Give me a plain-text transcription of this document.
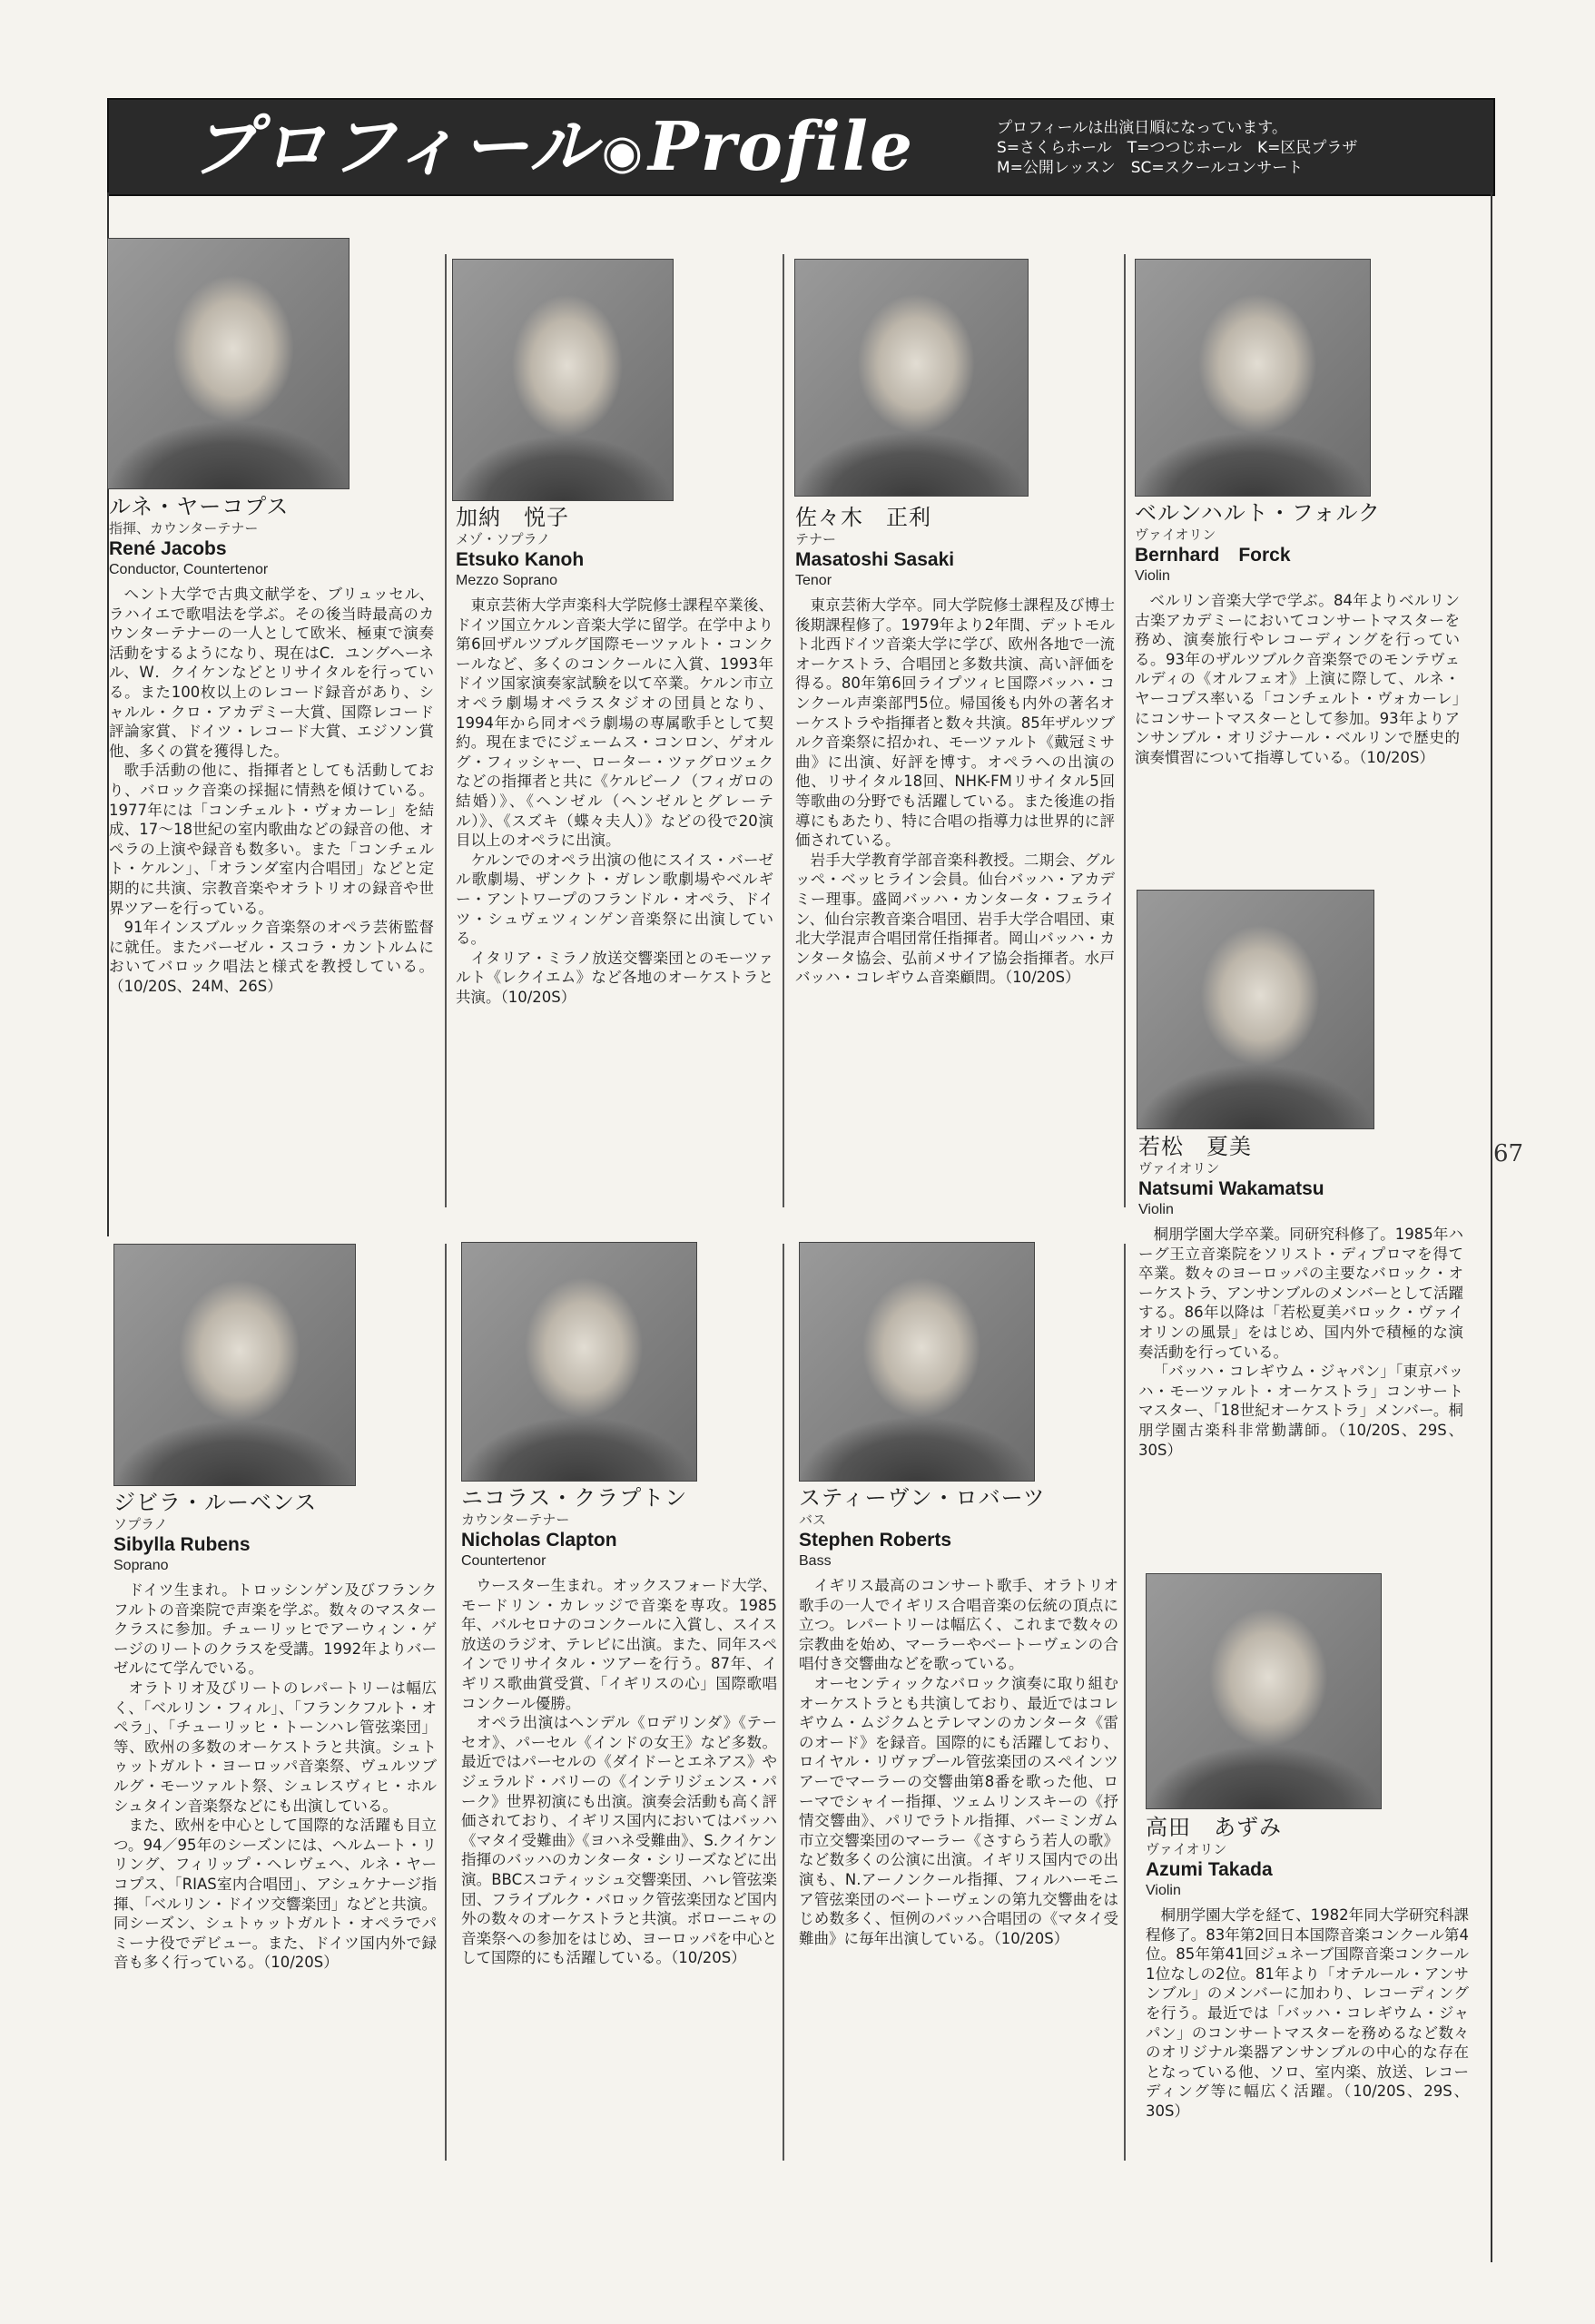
プロフィール◉Profile	プロフィールは出演日順になっています。
S=さくらホール　T=つつじホール　K=区民プラザ
M=公開レッスン　SC=スクールコンサート
ルネ・ヤーコプス
指揮、カウンターテナー
René Jacobs
Conductor, Countertenor

ヘント大学で古典文献学を、ブリュッセル、ラハイエで歌唱法を学ぶ。その後当時最高のカウンターテナーの一人として欧米、極東で演奏活動をするようになり、現在はC．ユングヘーネル、W．クイケンなどとリサイタルを行っている。また100枚以上のレコード録音があり、シャルル・クロ・アカデミー大賞、国際レコード評論家賞、ドイツ・レコード大賞、エジソン賞他、多くの賞を獲得した。

歌手活動の他に、指揮者としても活動しており、バロック音楽の採掘に情熱を傾けている。1977年には「コンチェルト・ヴォカーレ」を結成、17～18世紀の室内歌曲などの録音の他、オペラの上演や録音も数多い。また「コンチェルト・ケルン」、「オランダ室内合唱団」などと定期的に共演、宗教音楽やオラトリオの録音や世界ツアーを行っている。

91年インスブルック音楽祭のオペラ芸術監督に就任。またバーゼル・スコラ・カントルムにおいてバロック唱法と様式を教授している。（10/20S、24M、26S）

加納　悦子
メゾ・ソプラノ
Etsuko Kanoh
Mezzo Soprano

東京芸術大学声楽科大学院修士課程卒業後、ドイツ国立ケルン音楽大学に留学。在学中より第6回ザルツブルグ国際モーツァルト・コンクールなど、多くのコンクールに入賞、1993年ドイツ国家演奏家試験を以て卒業。ケルン市立オペラ劇場オペラスタジオの団員となり、1994年から同オペラ劇場の専属歌手として契約。現在までにジェームス・コンロン、ゲオルグ・フィッシャー、ローター・ツァグロツェクなどの指揮者と共に《ケルビーノ（フィガロの結婚）》、《ヘンゼル（ヘンゼルとグレーテル）》、《スズキ（蝶々夫人）》などの役で20演目以上のオペラに出演。

ケルンでのオペラ出演の他にスイス・バーゼル歌劇場、ザンクト・ガレン歌劇場やベルギー・アントワープのフランドル・オペラ、ドイツ・シュヴェツィンゲン音楽祭に出演している。

イタリア・ミラノ放送交響楽団とのモーツァルト《レクイエム》など各地のオーケストラと共演。（10/20S）

佐々木　正利
テナー
Masatoshi Sasaki
Tenor

東京芸術大学卒。同大学院修士課程及び博士後期課程修了。1979年より2年間、デットモルト北西ドイツ音楽大学に学び、欧州各地で一流オーケストラ、合唱団と多数共演、高い評価を得る。80年第6回ライプツィヒ国際バッハ・コンクール声楽部門5位。帰国後も内外の著名オーケストラや指揮者と数々共演。85年ザルツブルク音楽祭に招かれ、モーツァルト《戴冠ミサ曲》に出演、好評を博す。オペラへの出演の他、リサイタル18回、NHK-FMリサイタル5回等歌曲の分野でも活躍している。また後進の指導にもあたり、特に合唱の指導力は世界的に評価されている。

岩手大学教育学部音楽科教授。二期会、グルッペ・ベッヒライン会員。仙台バッハ・アカデミー理事。盛岡バッハ・カンタータ・フェライン、仙台宗教音楽合唱団、岩手大学合唱団、東北大学混声合唱団常任指揮者。岡山バッハ・カンタータ協会、弘前メサイア協会指揮者。水戸バッハ・コレギウム音楽顧問。（10/20S）

ベルンハルト・フォルク
ヴァイオリン
Bernhard　Forck
Violin

ベルリン音楽大学で学ぶ。84年よりベルリン古楽アカデミーにおいてコンサートマスターを務め、演奏旅行やレコーディングを行っている。93年のザルツブルク音楽祭でのモンテヴェルディの《オルフェオ》上演に際して、ルネ・ヤーコプス率いる「コンチェルト・ヴォカーレ」にコンサートマスターとして参加。93年よりアンサンブル・オリジナール・ベルリンで歴史的演奏慣習について指導している。（10/20S）

若松　夏美
ヴァイオリン
Natsumi Wakamatsu
Violin

桐朋学園大学卒業。同研究科修了。1985年ハーグ王立音楽院をソリスト・ディプロマを得て卒業。数々のヨーロッパの主要なバロック・オーケストラ、アンサンブルのメンバーとして活躍する。86年以降は「若松夏美バロック・ヴァイオリンの風景」をはじめ、国内外で積極的な演奏活動を行っている。

「バッハ・コレギウム・ジャパン」「東京バッハ・モーツァルト・オーケストラ」コンサートマスター、「18世紀オーケストラ」メンバー。桐朋学園古楽科非常勤講師。（10/20S、29S、30S）

ジビラ・ルーベンス
ソプラノ
Sibylla Rubens
Soprano

ドイツ生まれ。トロッシンゲン及びフランクフルトの音楽院で声楽を学ぶ。数々のマスタークラスに参加。チューリッヒでアーウィン・ゲージのリートのクラスを受講。1992年よりバーゼルにて学んでいる。

オラトリオ及びリートのレパートリーは幅広く、「ベルリン・フィル」、「フランクフルト・オペラ」、「チューリッヒ・トーンハレ管弦楽団」等、欧州の多数のオーケストラと共演。シュトゥットガルト・ヨーロッパ音楽祭、ヴュルツブルグ・モーツァルト祭、シュレスヴィヒ・ホルシュタイン音楽祭などにも出演している。

また、欧州を中心として国際的な活躍も目立つ。94／95年のシーズンには、ヘルムート・リリング、フィリップ・ヘレヴェヘ、ルネ・ヤーコプス、「RIAS室内合唱団」、アシュケナージ指揮、「ベルリン・ドイツ交響楽団」などと共演。同シーズン、シュトゥットガルト・オペラでパミーナ役でデビュー。また、ドイツ国内外で録音も多く行っている。（10/20S）

ニコラス・クラプトン
カウンターテナー
Nicholas Clapton
Countertenor

ウースター生まれ。オックスフォード大学、モードリン・カレッジで音楽を専攻。1985年、バルセロナのコンクールに入賞し、スイス放送のラジオ、テレビに出演。また、同年スペインでリサイタル・ツアーを行う。87年、イギリス歌曲賞受賞、「イギリスの心」国際歌唱コンクール優勝。

オペラ出演はヘンデル《ロデリンダ》《テーセオ》、パーセル《インドの女王》など多数。最近ではパーセルの《ダイドーとエネアス》やジェラルド・バリーの《インテリジェンス・パーク》世界初演にも出演。演奏会活動も高く評価されており、イギリス国内においてはバッハ《マタイ受難曲》《ヨハネ受難曲》、S.クイケン指揮のバッハのカンタータ・シリーズなどに出演。BBCスコティッシュ交響楽団、ハレ管弦楽団、フライブルク・バロック管弦楽団など国内外の数々のオーケストラと共演。ボローニャの音楽祭への参加をはじめ、ヨーロッパを中心として国際的にも活躍している。（10/20S）

スティーヴン・ロバーツ
バス
Stephen Roberts
Bass

イギリス最高のコンサート歌手、オラトリオ歌手の一人でイギリス合唱音楽の伝統の頂点に立つ。レパートリーは幅広く、これまで数々の宗教曲を始め、マーラーやベートーヴェンの合唱付き交響曲などを歌っている。

オーセンティックなバロック演奏に取り組むオーケストラとも共演しており、最近ではコレギウム・ムジクムとテレマンのカンタータ《雷のオード》を録音。国際的にも活躍しており、ロイヤル・リヴァプール管弦楽団のスペインツアーでマーラーの交響曲第8番を歌った他、ローマでシャイー指揮、ツェムリンスキーの《抒情交響曲》、パリでラトル指揮、バーミンガム市立交響楽団のマーラー《さすらう若人の歌》など数多くの公演に出演。イギリス国内での出演も、N.アーノンクール指揮、フィルハーモニア管弦楽団のベートーヴェンの第九交響曲をはじめ数多く、恒例のバッハ合唱団の《マタイ受難曲》に毎年出演している。（10/20S）

高田　あずみ
ヴァイオリン
Azumi Takada
Violin

桐朋学園大学を経て、1982年同大学研究科課程修了。83年第2回日本国際音楽コンクール第4位。85年第41回ジュネーブ国際音楽コンクール1位なしの2位。81年より「オテルール・アンサンブル」のメンバーに加わり、レコーディングを行う。最近では「バッハ・コレギウム・ジャパン」のコンサートマスターを務めるなど数々のオリジナル楽器アンサンブルの中心的な存在となっている他、ソロ、室内楽、放送、レコーディング等に幅広く活躍。（10/20S、29S、30S）

67
